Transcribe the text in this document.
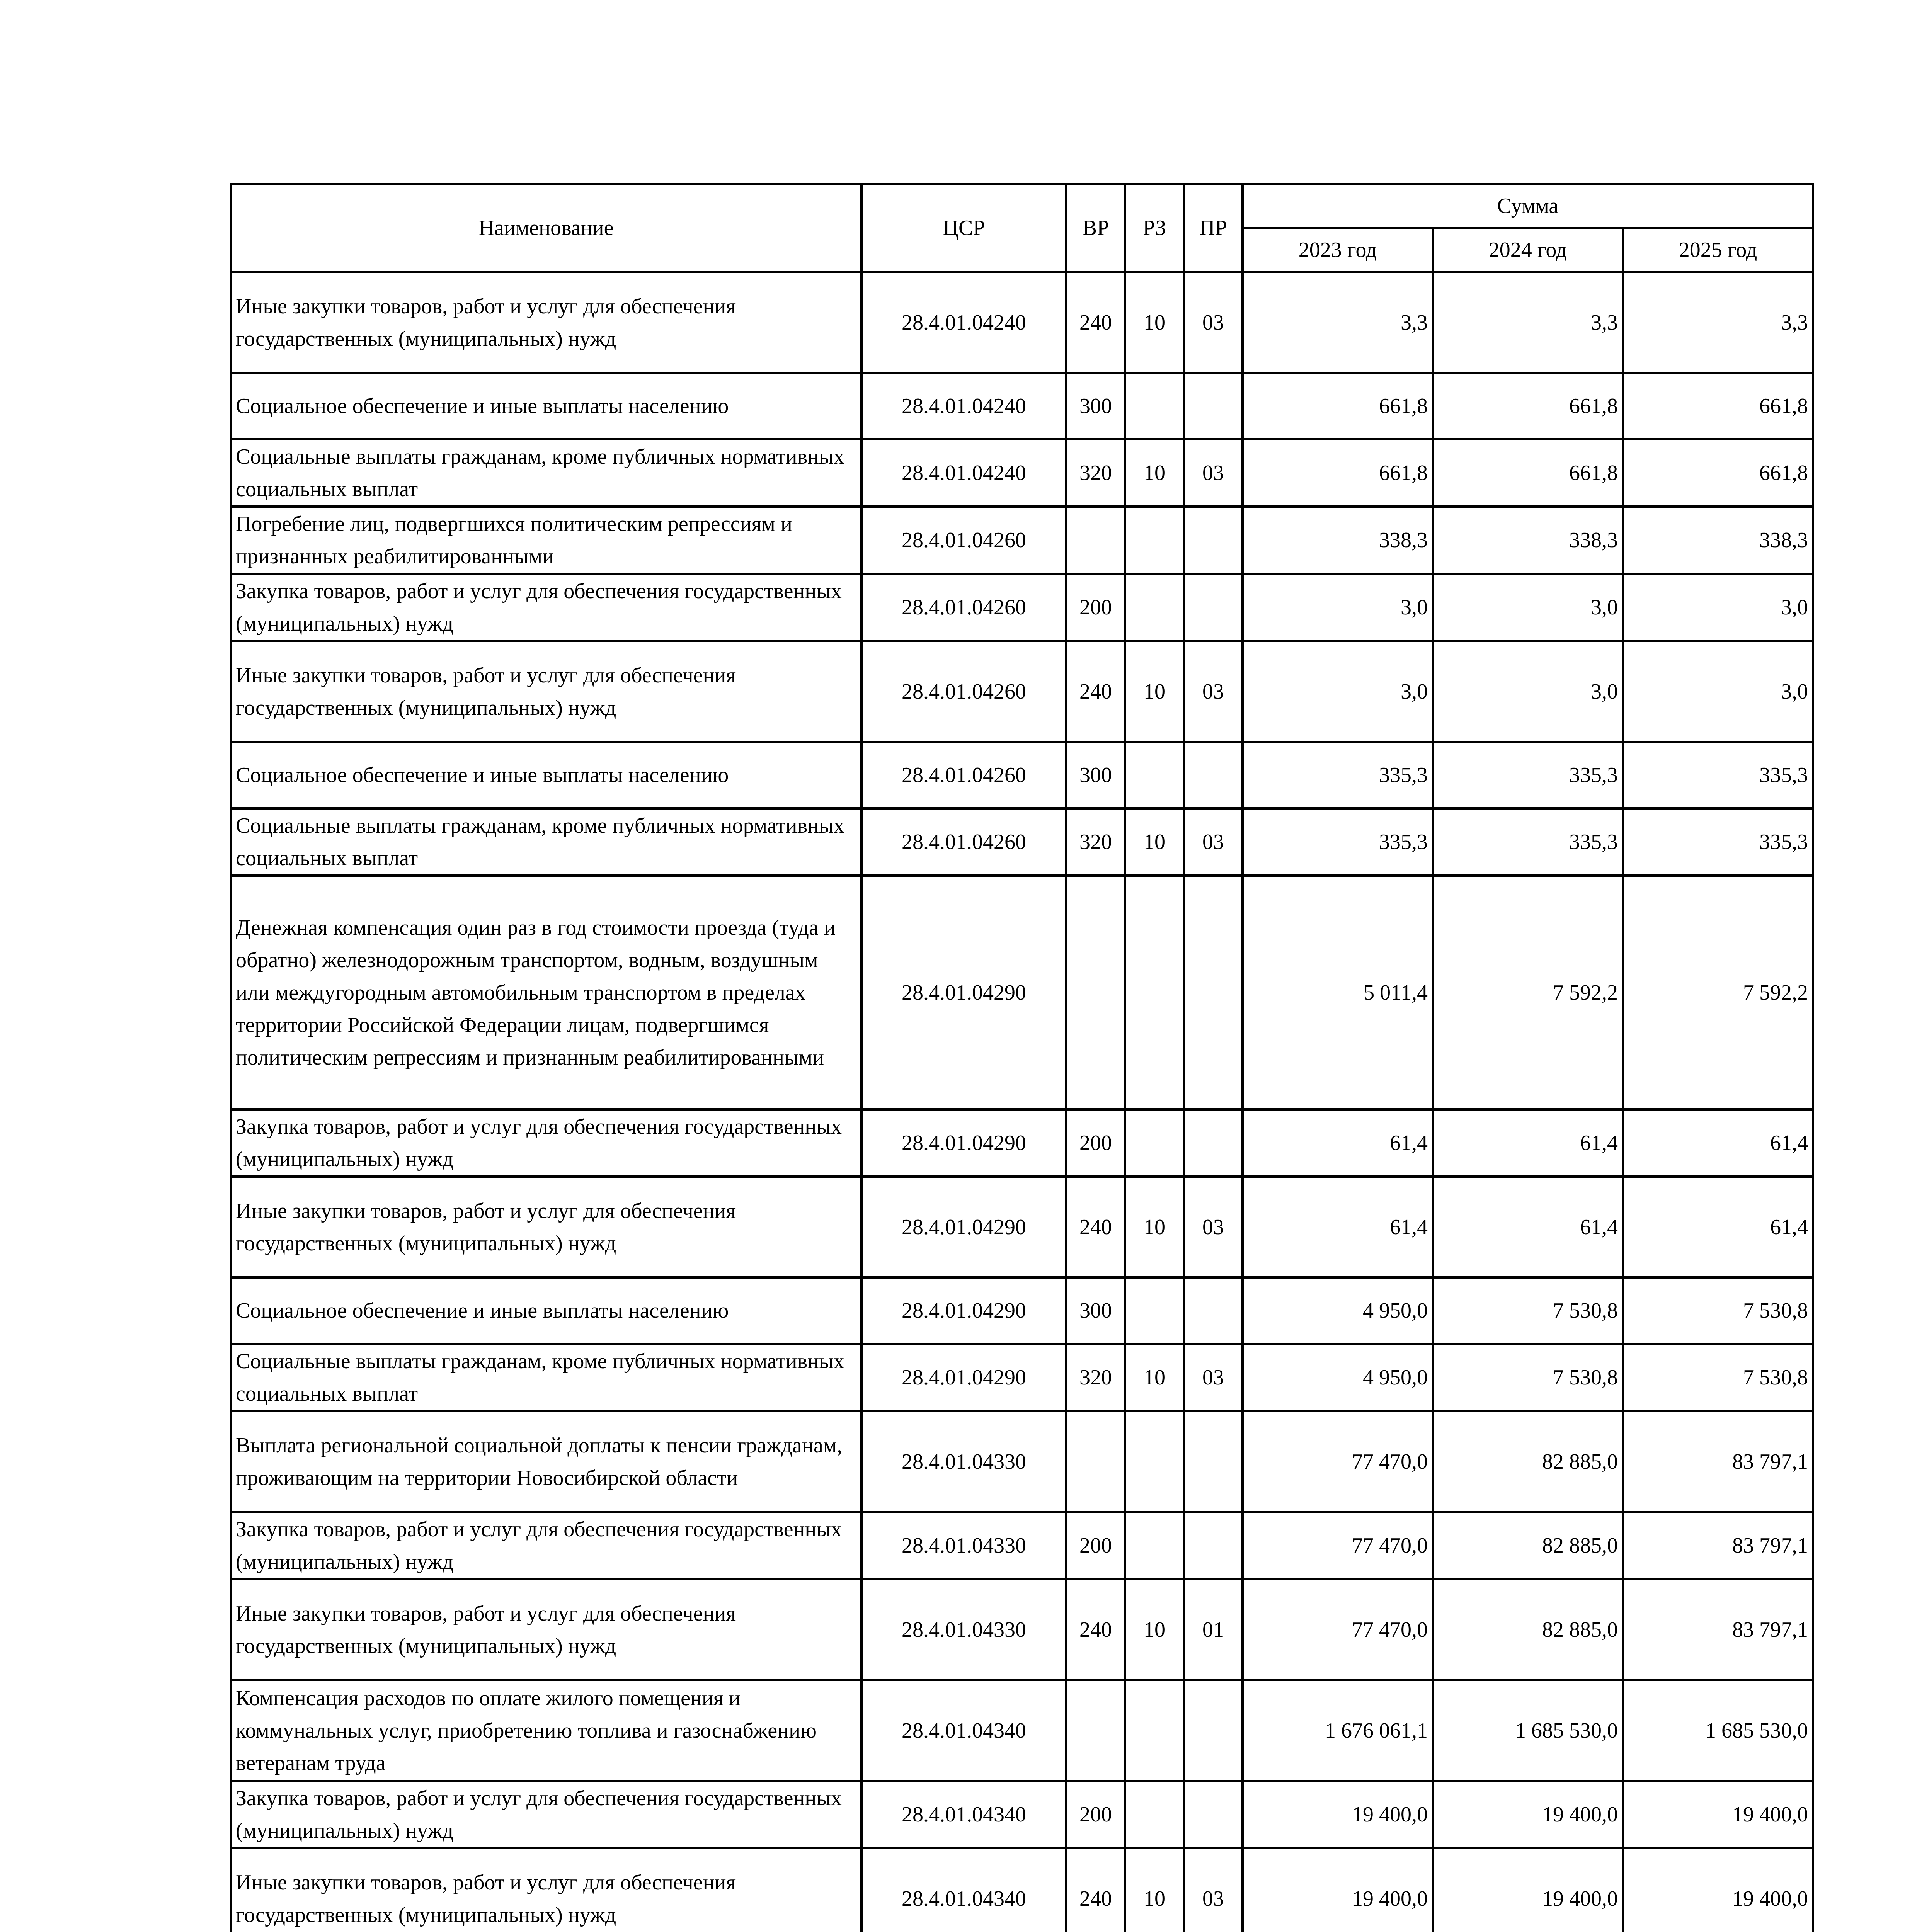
Наименование	ЦСР	ВР	РЗ	ПР	Сумма		
					2023 год	2024 год	2025 год
Иные закупки товаров, работ и услуг для обеспечения государственных (муниципальных) нужд	28.4.01.04240	240	10	03	3,3	3,3	3,3
Социальное обеспечение и иные выплаты населению	28.4.01.04240	300			661,8	661,8	661,8
Социальные выплаты гражданам, кроме публичных нормативных социальных выплат	28.4.01.04240	320	10	03	661,8	661,8	661,8
Погребение лиц, подвергшихся политическим репрессиям и признанных реабилитированными	28.4.01.04260				338,3	338,3	338,3
Закупка товаров, работ и услуг для обеспечения государственных (муниципальных) нужд	28.4.01.04260	200			3,0	3,0	3,0
Иные закупки товаров, работ и услуг для обеспечения государственных (муниципальных) нужд	28.4.01.04260	240	10	03	3,0	3,0	3,0
Социальное обеспечение и иные выплаты населению	28.4.01.04260	300			335,3	335,3	335,3
Социальные выплаты гражданам, кроме публичных нормативных социальных выплат	28.4.01.04260	320	10	03	335,3	335,3	335,3
Денежная компенсация один раз в год стоимости проезда (туда и обратно) железнодорожным транспортом, водным, воздушным или междугородным автомобильным транспортом в пределах территории Российской Федерации лицам, подвергшимся политическим репрессиям и признанным реабилитированными	28.4.01.04290				5 011,4	7 592,2	7 592,2
Закупка товаров, работ и услуг для обеспечения государственных (муниципальных) нужд	28.4.01.04290	200			61,4	61,4	61,4
Иные закупки товаров, работ и услуг для обеспечения государственных (муниципальных) нужд	28.4.01.04290	240	10	03	61,4	61,4	61,4
Социальное обеспечение и иные выплаты населению	28.4.01.04290	300			4 950,0	7 530,8	7 530,8
Социальные выплаты гражданам, кроме публичных нормативных социальных выплат	28.4.01.04290	320	10	03	4 950,0	7 530,8	7 530,8
Выплата региональной социальной доплаты к пенсии гражданам, проживающим на территории Новосибирской области	28.4.01.04330				77 470,0	82 885,0	83 797,1
Закупка товаров, работ и услуг для обеспечения государственных (муниципальных) нужд	28.4.01.04330	200			77 470,0	82 885,0	83 797,1
Иные закупки товаров, работ и услуг для обеспечения государственных (муниципальных) нужд	28.4.01.04330	240	10	01	77 470,0	82 885,0	83 797,1
Компенсация расходов по оплате жилого помещения и коммунальных услуг, приобретению топлива и газоснабжению ветеранам труда	28.4.01.04340				1 676 061,1	1 685 530,0	1 685 530,0
Закупка товаров, работ и услуг для обеспечения государственных (муниципальных) нужд	28.4.01.04340	200			19 400,0	19 400,0	19 400,0
Иные закупки товаров, работ и услуг для обеспечения государственных (муниципальных) нужд	28.4.01.04340	240	10	03	19 400,0	19 400,0	19 400,0
